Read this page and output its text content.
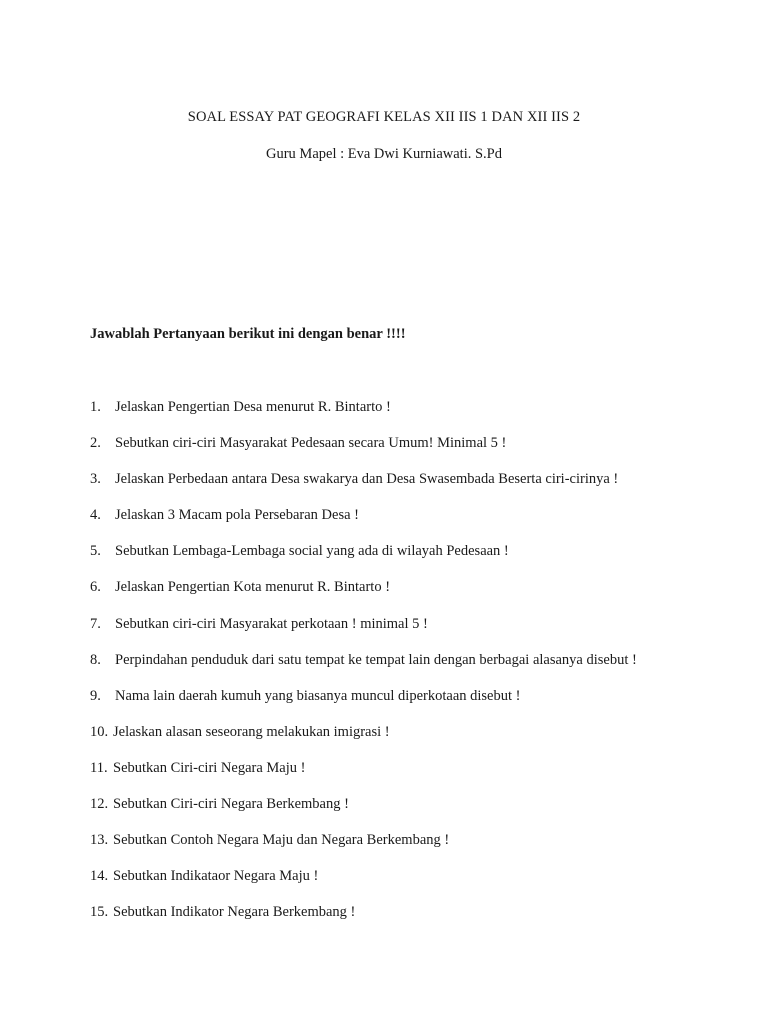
SOAL ESSAY PAT GEOGRAFI KELAS XII IIS 1 DAN XII IIS 2
Guru Mapel : Eva Dwi Kurniawati. S.Pd
Jawablah Pertanyaan berikut ini dengan benar !!!!
1. Jelaskan Pengertian Desa menurut R. Bintarto !
2. Sebutkan ciri-ciri Masyarakat Pedesaan secara Umum! Minimal 5 !
3. Jelaskan Perbedaan antara Desa swakarya dan Desa Swasembada Beserta ciri-cirinya !
4. Jelaskan 3 Macam pola Persebaran Desa !
5. Sebutkan Lembaga-Lembaga social yang ada di wilayah Pedesaan !
6. Jelaskan Pengertian Kota menurut R. Bintarto !
7. Sebutkan ciri-ciri Masyarakat perkotaan ! minimal 5 !
8. Perpindahan penduduk dari satu tempat ke tempat lain dengan berbagai alasanya disebut !
9. Nama lain daerah kumuh yang biasanya muncul diperkotaan disebut !
10. Jelaskan alasan seseorang melakukan imigrasi !
11. Sebutkan Ciri-ciri Negara Maju !
12. Sebutkan Ciri-ciri Negara Berkembang !
13. Sebutkan Contoh Negara Maju dan Negara Berkembang !
14. Sebutkan Indikataor Negara Maju !
15. Sebutkan Indikator Negara Berkembang !
